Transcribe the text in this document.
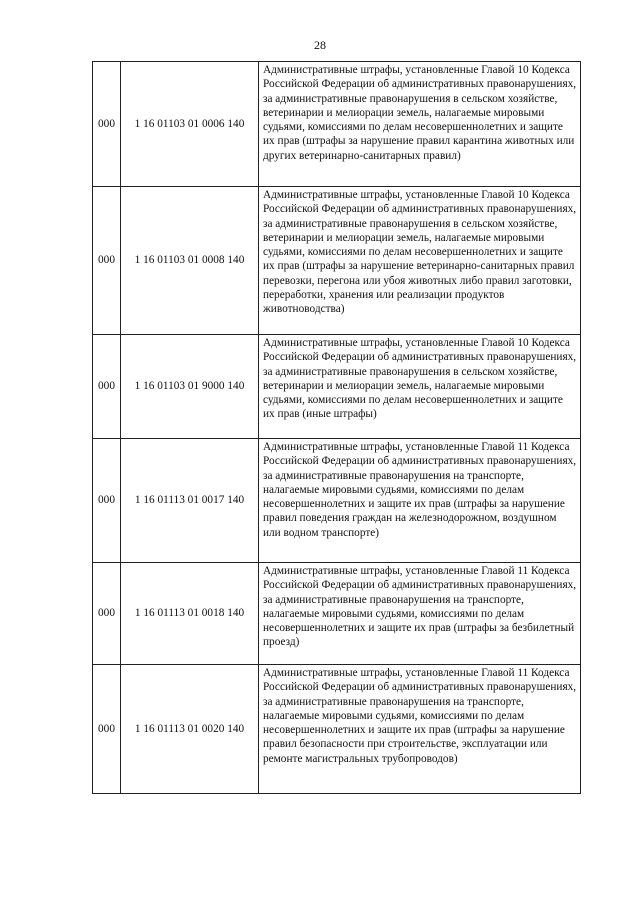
28
000	1 16 01103 01 0006 140	Административные штрафы, установленные Главой 10 Кодекса Российской Федерации об административных правонарушениях, за административные правонарушения в сельском хозяйстве, ветеринарии и мелиорации земель, налагаемые мировыми судьями, комиссиями по делам несовершеннолетних и защите их прав (штрафы за нарушение правил карантина животных или других ветеринарно-санитарных правил)
000	1 16 01103 01 0008 140	Административные штрафы, установленные Главой 10 Кодекса Российской Федерации об административных правонарушениях, за административные правонарушения в сельском хозяйстве, ветеринарии и мелиорации земель, налагаемые мировыми судьями, комиссиями по делам несовершеннолетних и защите их прав (штрафы за нарушение ветеринарно-санитарных правил перевозки, перегона или убоя животных либо правил заготовки, переработки, хранения или реализации продуктов животноводства)
000	1 16 01103 01 9000 140	Административные штрафы, установленные Главой 10 Кодекса Российской Федерации об административных правонарушениях, за административные правонарушения в сельском хозяйстве, ветеринарии и мелиорации земель, налагаемые мировыми судьями, комиссиями по делам несовершеннолетних и защите их прав (иные штрафы)
000	1 16 01113 01 0017 140	Административные штрафы, установленные Главой 11 Кодекса Российской Федерации об административных правонарушениях, за административные правонарушения на транспорте, налагаемые мировыми судьями, комиссиями по делам несовершеннолетних и защите их прав (штрафы за нарушение правил поведения граждан на железнодорожном, воздушном или водном транспорте)
000	1 16 01113 01 0018 140	Административные штрафы, установленные Главой 11 Кодекса Российской Федерации об административных правонарушениях, за административные правонарушения на транспорте, налагаемые мировыми судьями, комиссиями по делам несовершеннолетних и защите их прав (штрафы за безбилетный проезд)
000	1 16 01113 01 0020 140	Административные штрафы, установленные Главой 11 Кодекса Российской Федерации об административных правонарушениях, за административные правонарушения на транспорте, налагаемые мировыми судьями, комиссиями по делам несовершеннолетних и защите их прав (штрафы за нарушение правил безопасности при строительстве, эксплуатации или ремонте магистральных трубопроводов)
